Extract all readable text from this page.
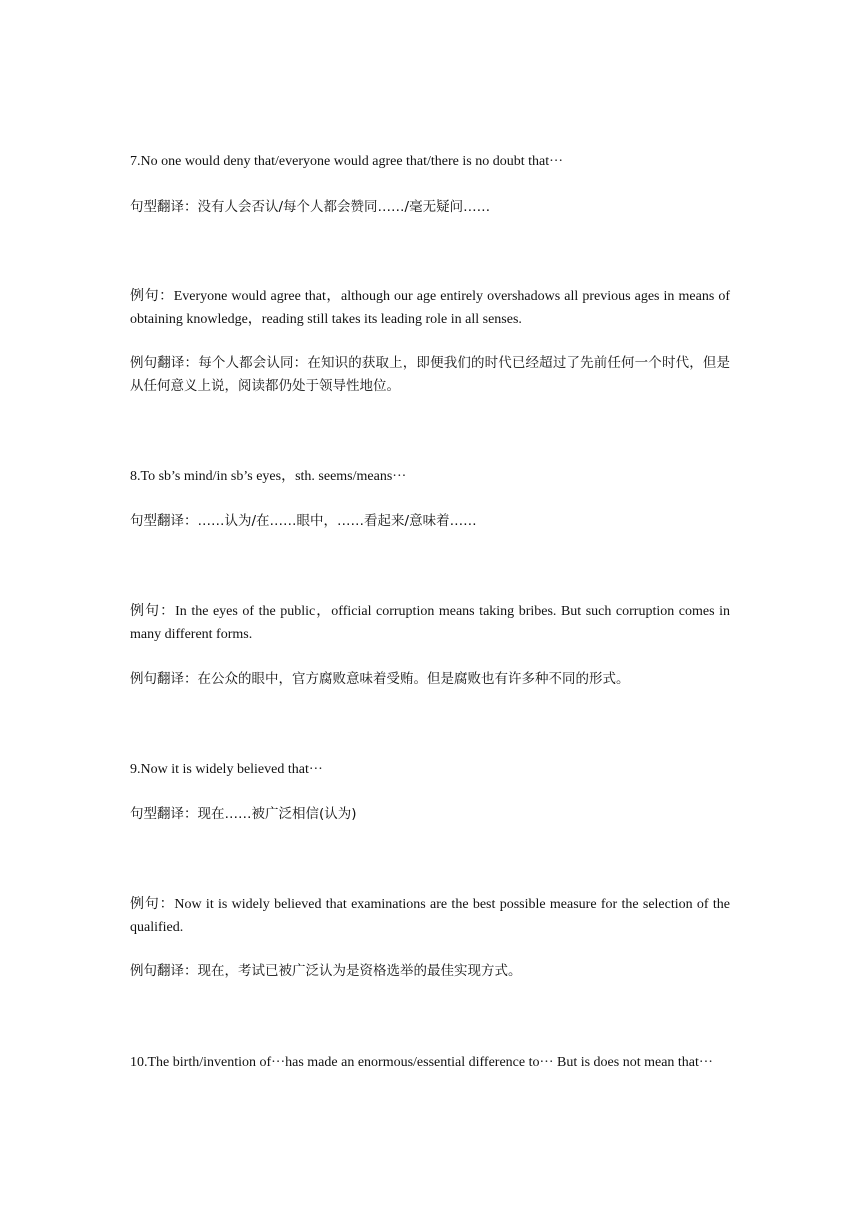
7.No one would deny that/everyone would agree that/there is no doubt that···
句型翻译：没有人会否认/每个人都会赞同……/毫无疑问……
例句：Everyone would agree that，although our age entirely overshadows all previous ages in means of obtaining knowledge，reading still takes its leading role in all senses.
例句翻译：每个人都会认同：在知识的获取上，即便我们的时代已经超过了先前任何一个时代，但是从任何意义上说，阅读都仍处于领导性地位。
8.To sb’s mind/in sb’s eyes，sth. seems/means···
句型翻译：……认为/在……眼中，……看起来/意味着……
例句：In the eyes of the public，official corruption means taking bribes. But such corruption comes in many different forms.
例句翻译：在公众的眼中，官方腐败意味着受贿。但是腐败也有许多种不同的形式。
9.Now it is widely believed that···
句型翻译：现在……被广泛相信(认为)
例句：Now it is widely believed that examinations are the best possible measure for the selection of the qualified.
例句翻译：现在，考试已被广泛认为是资格选举的最佳实现方式。
10.The birth/invention of···has made an enormous/essential difference to··· But is does not mean that···
